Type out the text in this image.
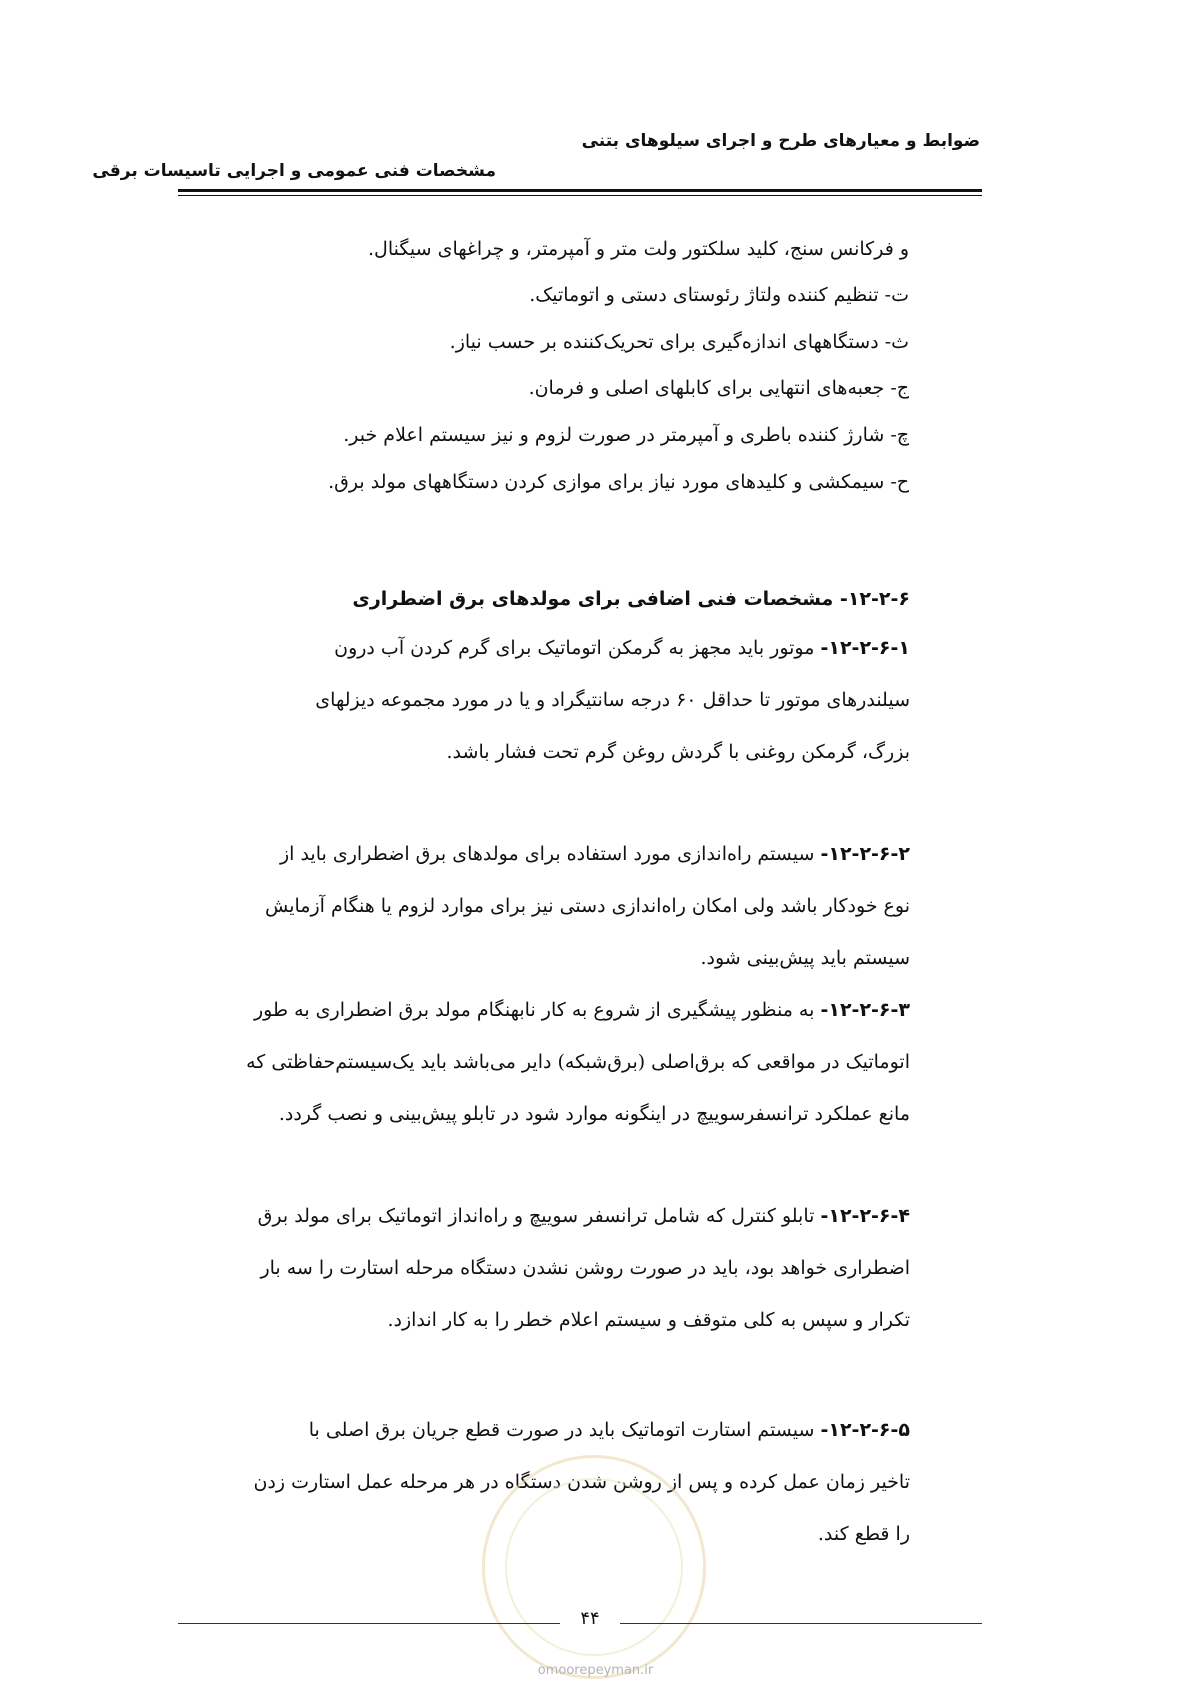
ضوابط و معیارهای طرح و اجرای سیلوهای بتنی
مشخصات فنی عمومی و اجرایی تاسیسات برقی
و فرکانس سنج، کلید سلکتور ولت متر و آمپرمتر، و چراغهای سیگنال.
ت- تنظیم کننده ولتاژ رئوستای دستی و اتوماتیک.
ث- دستگاههای اندازه‌گیری برای تحریک‌کننده بر حسب نیاز.
ج- جعبه‌های انتهایی برای کابلهای اصلی و فرمان.
چ- شارژ کننده باطری و آمپرمتر در صورت لزوم و نیز سیستم اعلام خبر.
ح- سیمکشی و کلیدهای مورد نیاز برای موازی کردن دستگاههای مولد برق.
۱۲-۲-۶- مشخصات فنی اضافی برای مولدهای برق اضطراری
۱۲-۲-۶-۱- موتور باید مجهز به گرمکن اتوماتیک برای گرم کردن آب درون
سیلندرهای موتور تا حداقل ۶۰ درجه سانتیگراد و یا در مورد مجموعه دیزلهای
بزرگ، گرمکن روغنی با گردش روغن گرم تحت فشار باشد.
۱۲-۲-۶-۲- سیستم راه‌اندازی مورد استفاده برای مولدهای برق اضطراری باید از
نوع خودکار باشد ولی امکان راه‌اندازی دستی نیز برای موارد لزوم یا هنگام آزمایش
سیستم باید پیش‌بینی شود.
۱۲-۲-۶-۳- به منظور پیشگیری از شروع به کار نابهنگام مولد برق اضطراری به طور
اتوماتیک در مواقعی که برق‌اصلی (برق‌شبکه) دایر می‌باشد باید یک‌سیستم‌حفاظتی که
مانع عملکرد ترانسفرسوییچ در اینگونه موارد شود در تابلو پیش‌بینی و نصب گردد.
۱۲-۲-۶-۴- تابلو کنترل که شامل ترانسفر سوییچ و راه‌انداز اتوماتیک برای مولد برق
اضطراری خواهد بود، باید در صورت روشن نشدن دستگاه مرحله استارت را سه بار
تکرار و سپس به کلی متوقف و سیستم اعلام خطر را به کار اندازد.
۱۲-۲-۶-۵- سیستم استارت اتوماتیک باید در صورت قطع جریان برق اصلی با
تاخیر زمان عمل کرده و پس از روشن شدن دستگاه در هر مرحله عمل استارت زدن
را قطع کند.
۴۴
omoorepeyman.ir
